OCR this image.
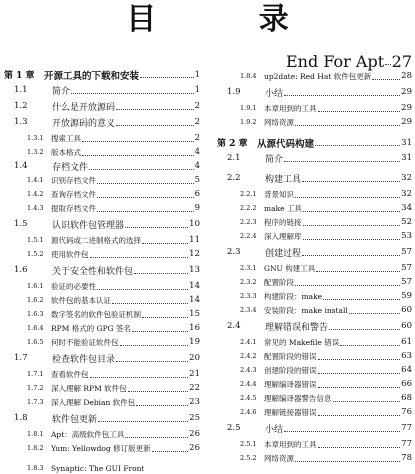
目 录
第 1 章 开源工具的下载和安装	1
1.1	简介	1
1.2	什么是开放源码	2
1.3	开放源码的意义	2
1.3.1 搜索工具	2
1.3.2 版本格式	4
1.4	存档文件	4
1.4.1 识别存档文件	5
1.4.2 查询存档文件	6
1.4.3 提取存档文件	9
1.5	认识软件包管理器	10
1.5.1 源代码或二进制格式的选择	11
1.5.2 使用软件包	12
1.6	关于安全性和软件包	13
1.6.1 验证的必要性	14
1.6.2 软件包的基本认证	14
1.6.3 数字签名的软件包验证机制	15
1.6.4 RPM 格式的 GPG 签名	16
1.6.5 何时不能验证软件包	19
1.7	检查软件包目录	20
1.7.1 查看软件包	21
1.7.2 深入理解 RPM 软件包	22
1.7.3 深入理解 Debian 软件包	23
1.8	软件包更新	25
1.8.1 Apt：高级软件包工具	26
1.8.2 Yum: Yellowdog 修订版更新	26
1.8.3 Synaptic: The GUI Front
End For Apt 27
1.8.4 up2date: Red Hat 软件包更新	28
1.9	小结	29
1.9.1 本章用到的工具	29
1.9.2 网络资源	29
第 2 章 从源代码构建	31
2.1	简介	31
2.2	构建工具	32
2.2.1 背景知识	32
2.2.2 make 工具	34
2.2.3 程序的链接	52
2.2.4 深入理解库	53
2.3	创建过程	57
2.3.1 GNU 构建工具	57
2.3.2 配置阶段	57
2.3.3 构建阶段：make	59
2.3.4 安装阶段：make install	60
2.4	理解错误和警告	60
2.4.1 常见的 Makefile 错误	61
2.4.2 配置阶段的错误	63
2.4.3 创建阶段的错误	64
2.4.4 理解编译器错误	66
2.4.5 理解编译器警告信息	68
2.4.6 理解链接器错误	76
2.5	小结	77
2.5.1 本章用到的工具	77
2.5.2 网络资源	78
